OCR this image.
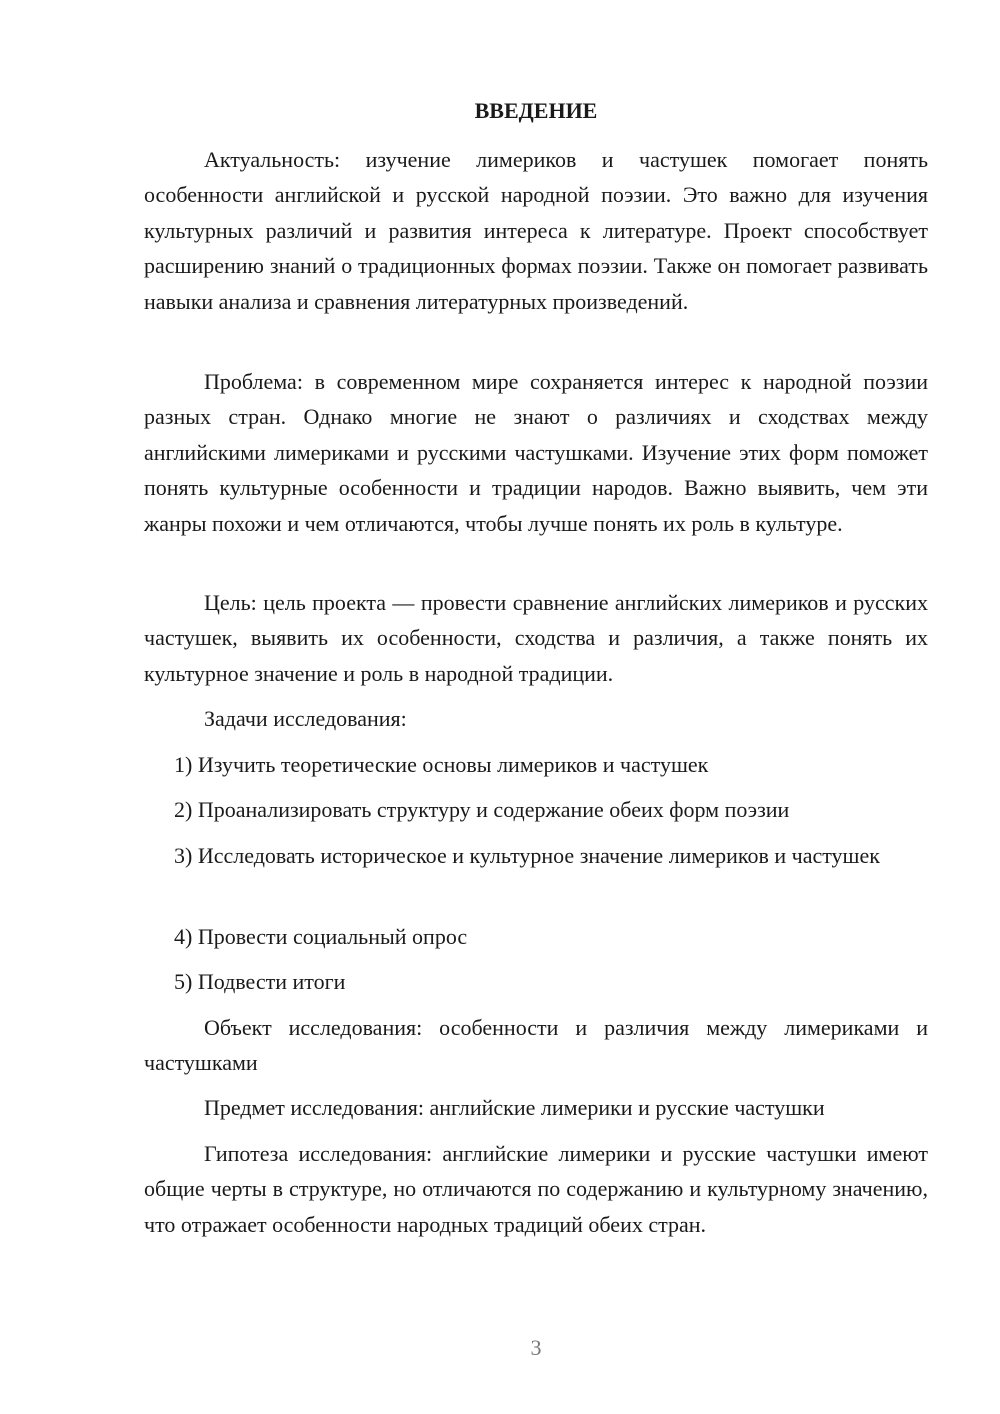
ВВЕДЕНИЕ

Актуальность: изучение лимериков и частушек помогает понять особенности английской и русской народной поэзии. Это важно для изучения культурных различий и развития интереса к литературе. Проект способствует расширению знаний о традиционных формах поэзии. Также он помогает развивать навыки анализа и сравнения литературных произведений.

Проблема: в современном мире сохраняется интерес к народной поэзии разных стран. Однако многие не знают о различиях и сходствах между английскими лимериками и русскими частушками. Изучение этих форм поможет понять культурные особенности и традиции народов. Важно выявить, чем эти жанры похожи и чем отличаются, чтобы лучше понять их роль в культуре.

Цель: цель проекта — провести сравнение английских лимериков и русских частушек, выявить их особенности, сходства и различия, а также понять их культурное значение и роль в народной традиции.

Задачи исследования:

1) Изучить теоретические основы лимериков и частушек

2) Проанализировать структуру и содержание обеих форм поэзии

3) Исследовать историческое и культурное значение лимериков и частушек

4) Провести социальный опрос

5) Подвести итоги

Объект исследования: особенности и различия между лимериками и частушками

Предмет исследования: английские лимерики и русские частушки

Гипотеза исследования: английские лимерики и русские частушки имеют общие черты в структуре, но отличаются по содержанию и культурному значению, что отражает особенности народных традиций обеих стран.

3
